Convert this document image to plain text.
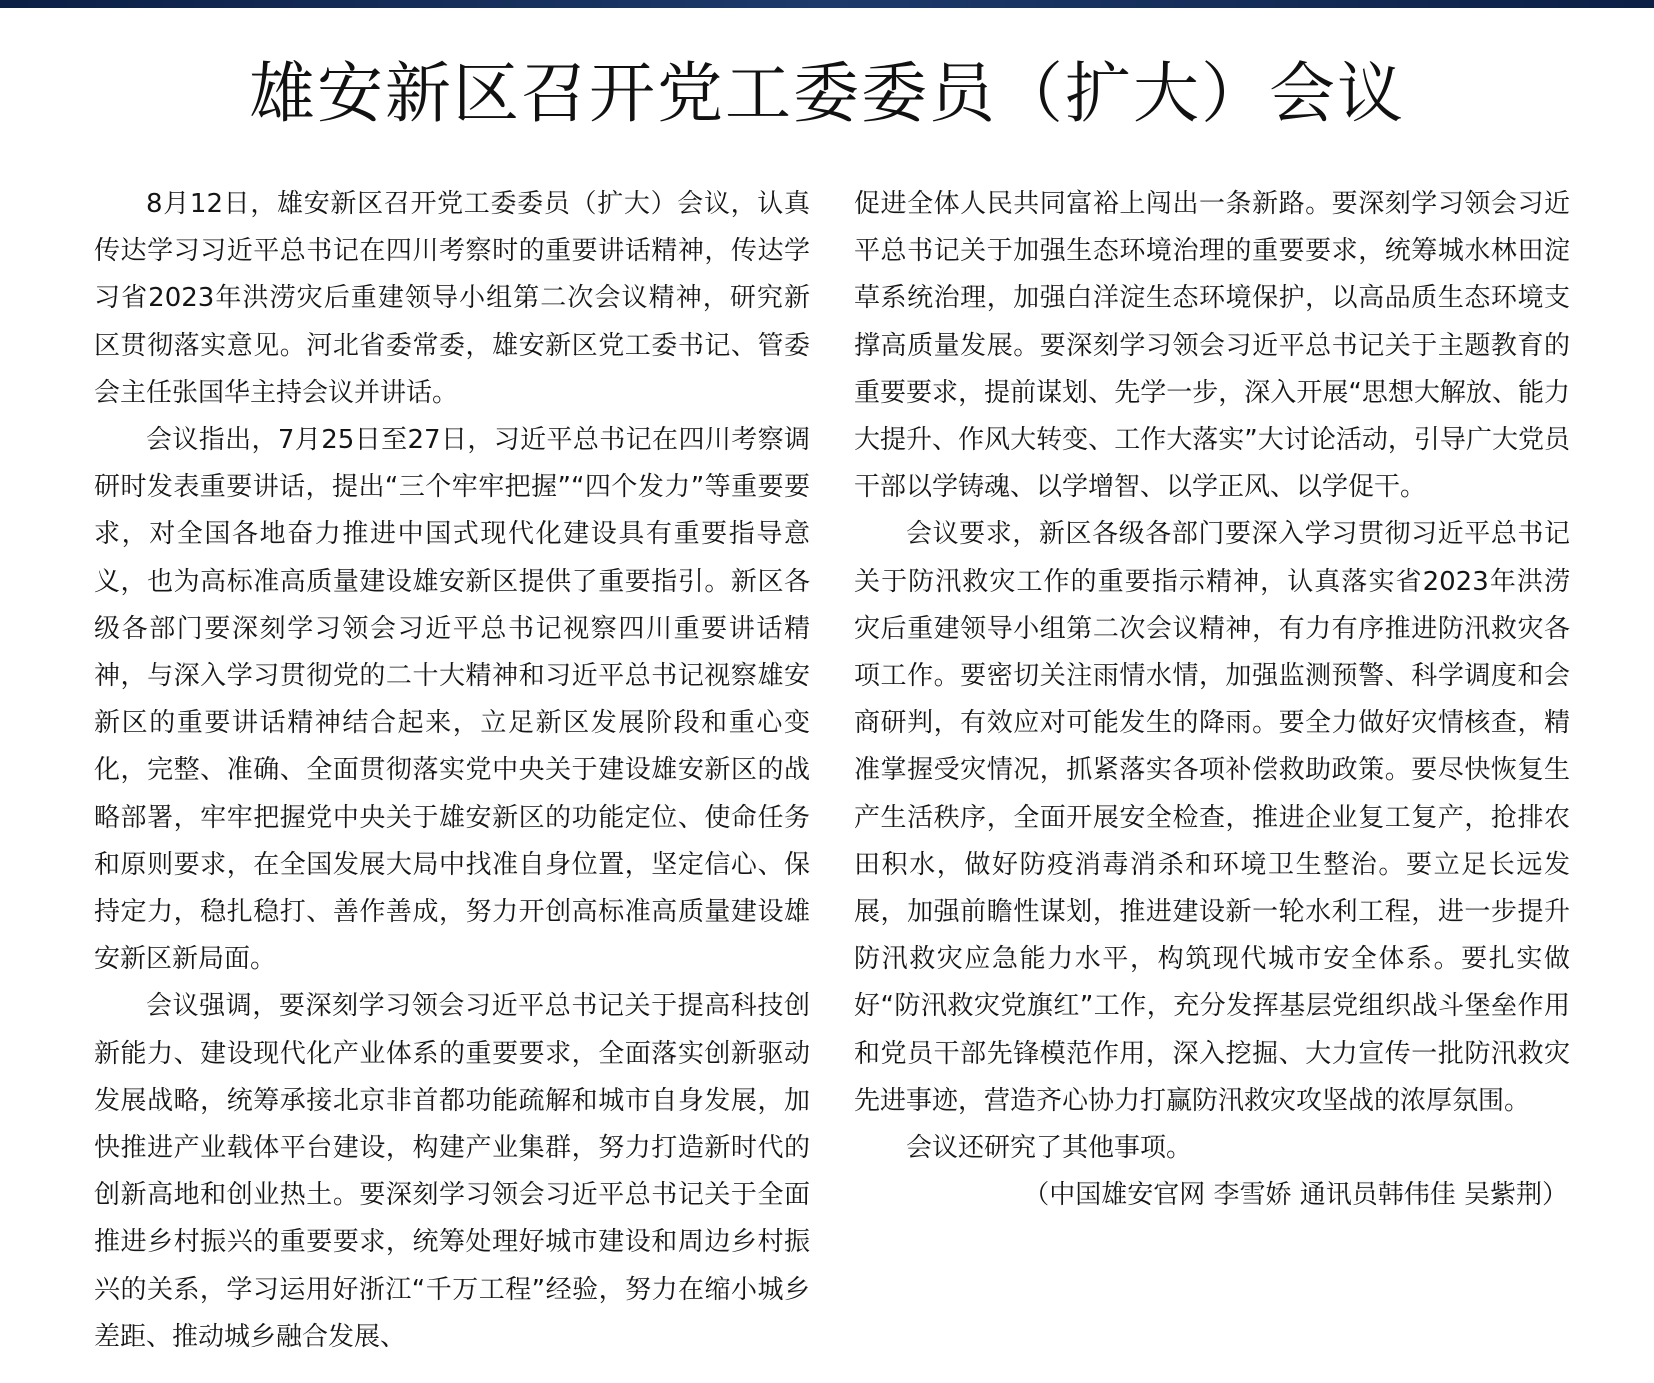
雄安新区召开党工委委员（扩大）会议

8月12日，雄安新区召开党工委委员（扩大）会议，认真传达学习习近平总书记在四川考察时的重要讲话精神，传达学习省2023年洪涝灾后重建领导小组第二次会议精神，研究新区贯彻落实意见。河北省委常委，雄安新区党工委书记、管委会主任张国华主持会议并讲话。

会议指出，7月25日至27日，习近平总书记在四川考察调研时发表重要讲话，提出“三个牢牢把握”“四个发力”等重要要求，对全国各地奋力推进中国式现代化建设具有重要指导意义，也为高标准高质量建设雄安新区提供了重要指引。新区各级各部门要深刻学习领会习近平总书记视察四川重要讲话精神，与深入学习贯彻党的二十大精神和习近平总书记视察雄安新区的重要讲话精神结合起来，立足新区发展阶段和重心变化，完整、准确、全面贯彻落实党中央关于建设雄安新区的战略部署，牢牢把握党中央关于雄安新区的功能定位、使命任务和原则要求，在全国发展大局中找准自身位置，坚定信心、保持定力，稳扎稳打、善作善成，努力开创高标准高质量建设雄安新区新局面。

会议强调，要深刻学习领会习近平总书记关于提高科技创新能力、建设现代化产业体系的重要要求，全面落实创新驱动发展战略，统筹承接北京非首都功能疏解和城市自身发展，加快推进产业载体平台建设，构建产业集群，努力打造新时代的创新高地和创业热土。要深刻学习领会习近平总书记关于全面推进乡村振兴的重要要求，统筹处理好城市建设和周边乡村振兴的关系，学习运用好浙江“千万工程”经验，努力在缩小城乡差距、推动城乡融合发展、

促进全体人民共同富裕上闯出一条新路。要深刻学习领会习近平总书记关于加强生态环境治理的重要要求，统筹城水林田淀草系统治理，加强白洋淀生态环境保护，以高品质生态环境支撑高质量发展。要深刻学习领会习近平总书记关于主题教育的重要要求，提前谋划、先学一步，深入开展“思想大解放、能力大提升、作风大转变、工作大落实”大讨论活动，引导广大党员干部以学铸魂、以学增智、以学正风、以学促干。

会议要求，新区各级各部门要深入学习贯彻习近平总书记关于防汛救灾工作的重要指示精神，认真落实省2023年洪涝灾后重建领导小组第二次会议精神，有力有序推进防汛救灾各项工作。要密切关注雨情水情，加强监测预警、科学调度和会商研判，有效应对可能发生的降雨。要全力做好灾情核查，精准掌握受灾情况，抓紧落实各项补偿救助政策。要尽快恢复生产生活秩序，全面开展安全检查，推进企业复工复产，抢排农田积水，做好防疫消毒消杀和环境卫生整治。要立足长远发展，加强前瞻性谋划，推进建设新一轮水利工程，进一步提升防汛救灾应急能力水平，构筑现代城市安全体系。要扎实做好“防汛救灾党旗红”工作，充分发挥基层党组织战斗堡垒作用和党员干部先锋模范作用，深入挖掘、大力宣传一批防汛救灾先进事迹，营造齐心协力打赢防汛救灾攻坚战的浓厚氛围。

会议还研究了其他事项。

（中国雄安官网 李雪娇 通讯员韩伟佳 吴紫荆）
